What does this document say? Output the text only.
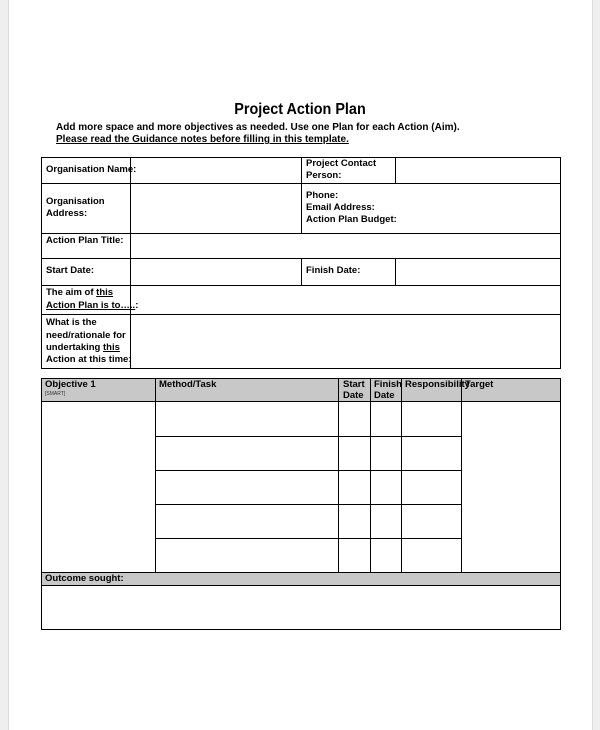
Project Action Plan
Add more space and more objectives as needed. Use one Plan for each Action (Aim).
Please read the Guidance notes before filling in this template.
Organisation Name:
Project Contact
Person:
Organisation
Address:
Phone:
Email Address:
Action Plan Budget:
Action Plan Title:
Start Date:	Finish Date:
The aim of this
Action Plan is to…..:
What is the
need/rationale for
undertaking this
Action at this time:
Objective 1
[SMART]
Method/Task	Start
Date
Finish
Date
Responsibility
Target
Outcome sought:
